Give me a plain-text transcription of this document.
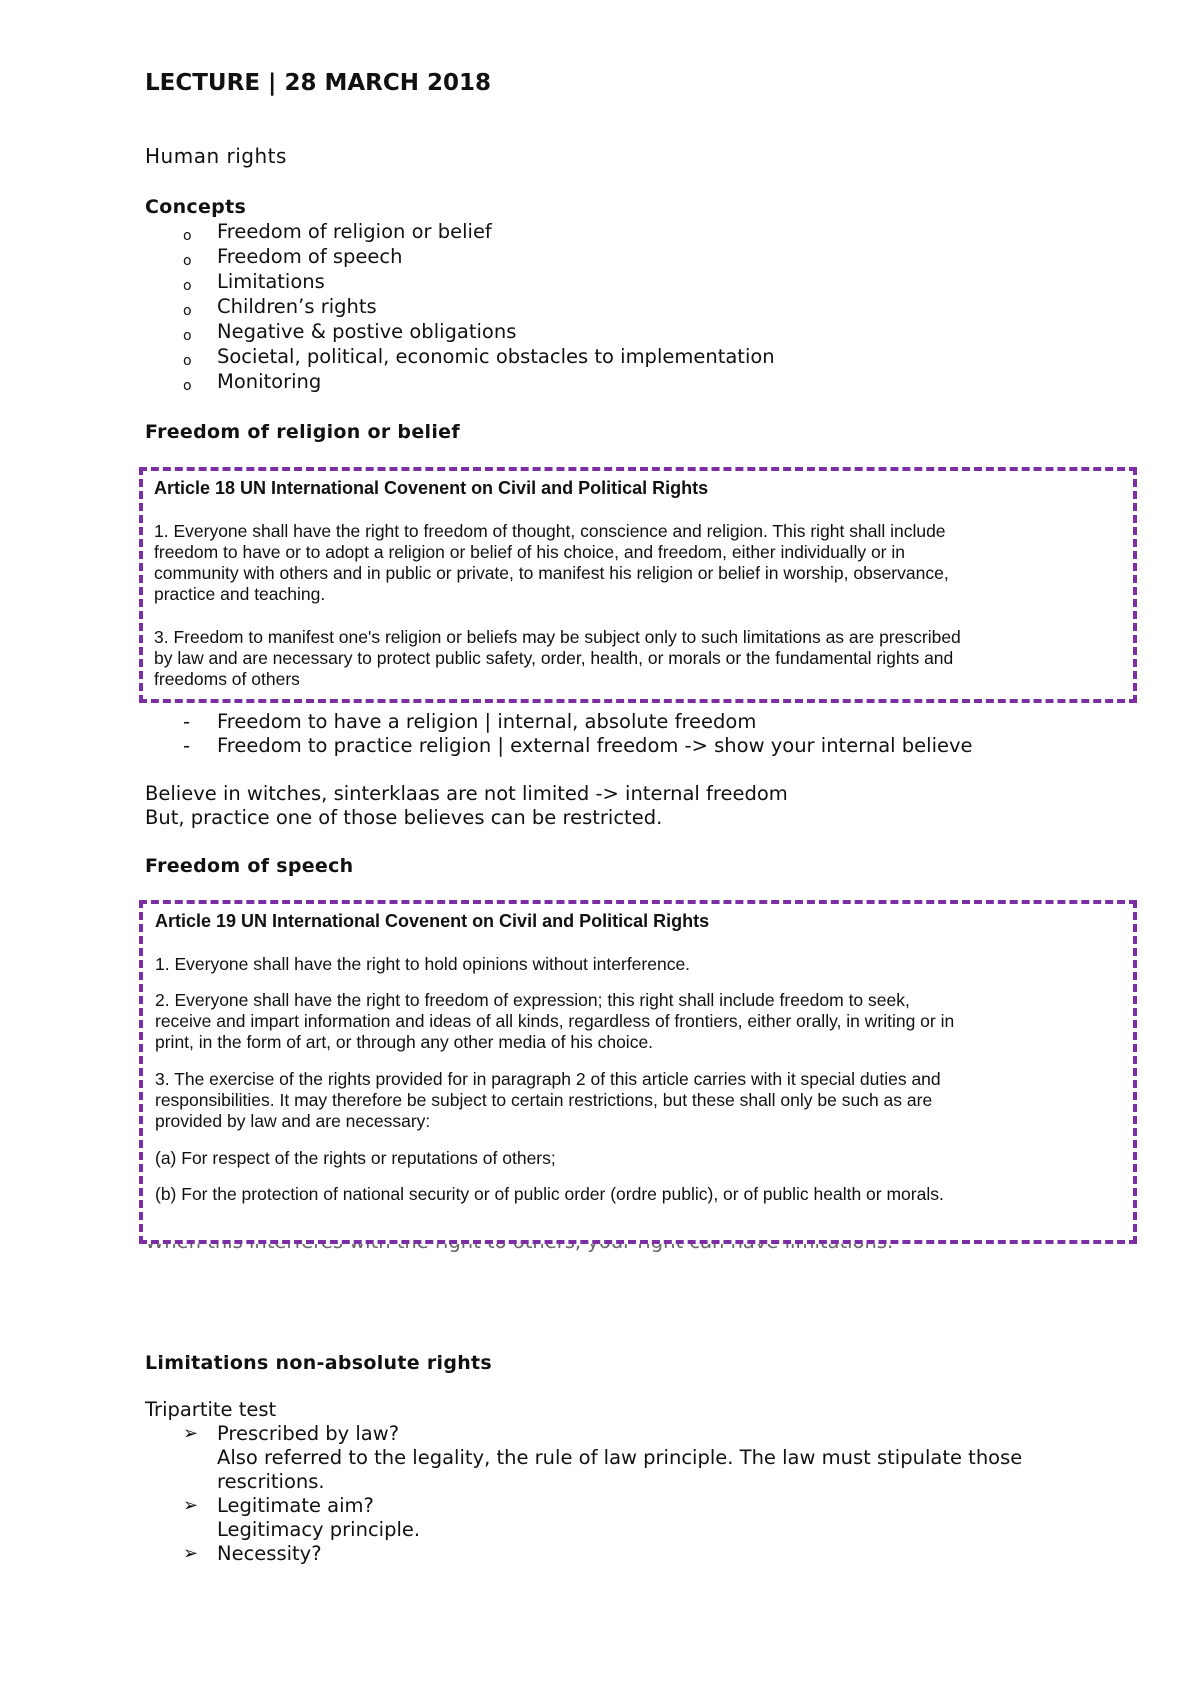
LECTURE | 28 MARCH 2018
Human rights
Concepts
o Freedom of religion or belief
o Freedom of speech
o Limitations
o Children’s rights
o Negative & postive obligations
o Societal, political, economic obstacles to implementation
o Monitoring
Freedom of religion or belief
Article 18 UN International Covenent on Civil and Political Rights
1. Everyone shall have the right to freedom of thought, conscience and religion. This right shall include
freedom to have or to adopt a religion or belief of his choice, and freedom, either individually or in
community with others and in public or private, to manifest his religion or belief in worship, observance,
practice and teaching.
3. Freedom to manifest one's religion or beliefs may be subject only to such limitations as are prescribed
by law and are necessary to protect public safety, order, health, or morals or the fundamental rights and
freedoms of others
- Freedom to have a religion | internal, absolute freedom
- Freedom to practice religion | external freedom -> show your internal believe
Believe in witches, sinterklaas are not limited -> internal freedom
But, practice one of those believes can be restricted.
Freedom of speech
Article 19 UN International Covenent on Civil and Political Rights
1. Everyone shall have the right to hold opinions without interference.
2. Everyone shall have the right to freedom of expression; this right shall include freedom to seek,
receive and impart information and ideas of all kinds, regardless of frontiers, either orally, in writing or in
print, in the form of art, or through any other media of his choice.
3. The exercise of the rights provided for in paragraph 2 of this article carries with it special duties and
responsibilities. It may therefore be subject to certain restrictions, but these shall only be such as are
provided by law and are necessary:
(a) For respect of the rights or reputations of others;
(b) For the protection of national security or of public order (ordre public), or of public health or morals.
Limitations non-absolute rights
Tripartite test
➢ Prescribed by law?
Also referred to the legality, the rule of law principle. The law must stipulate those
rescritions.
➢ Legitimate aim?
Legitimacy principle.
➢ Necessity?
